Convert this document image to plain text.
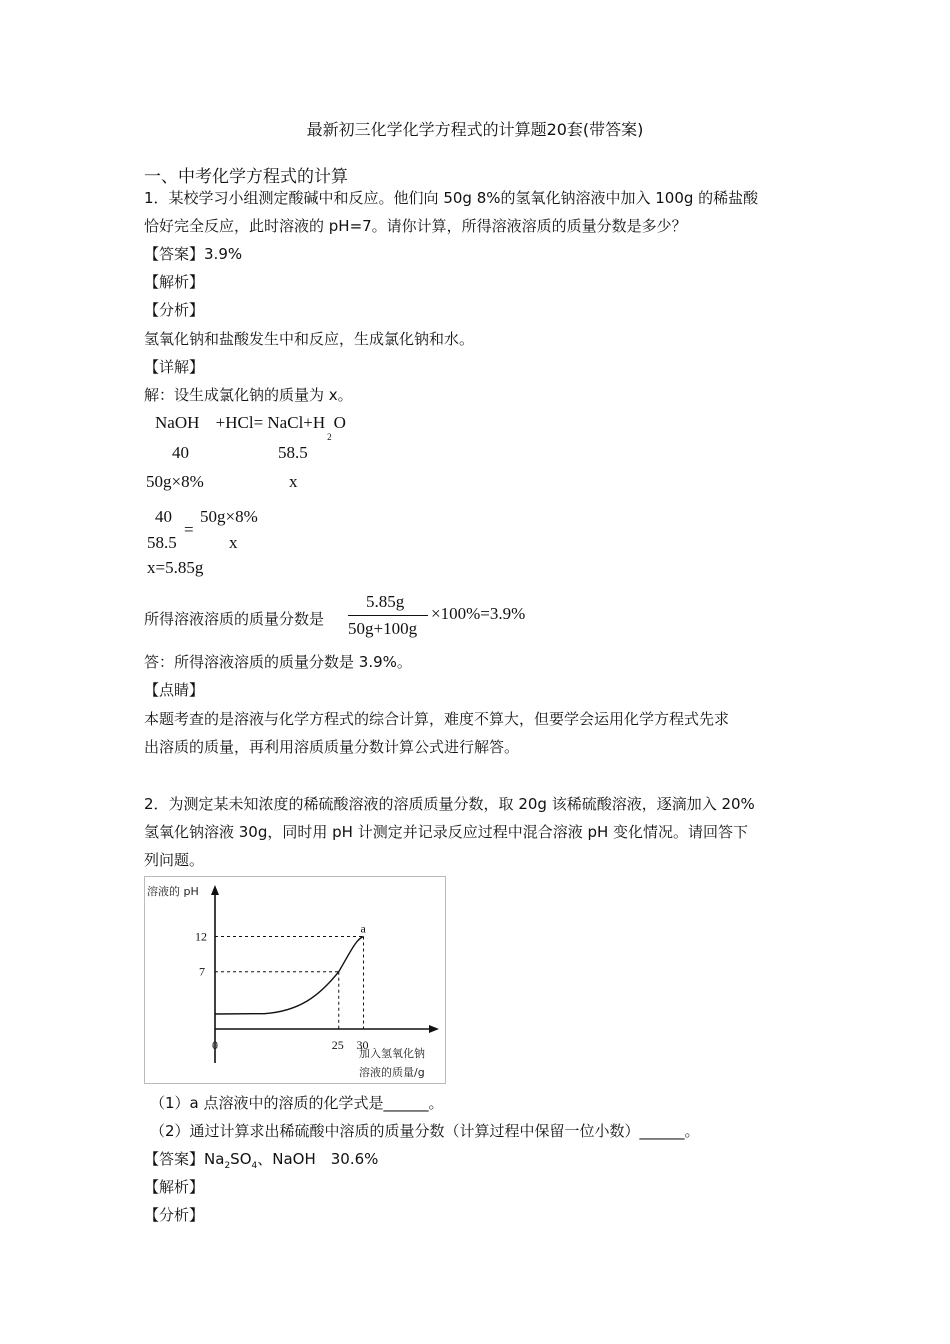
最新初三化学化学方程式的计算题20套(带答案)
一、中考化学方程式的计算
1．某校学习小组测定酸碱中和反应。他们向 50g 8%的氢氧化钠溶液中加入 100g 的稀盐酸
恰好完全反应，此时溶液的 pH=7。请你计算，所得溶液溶质的质量分数是多少？
【答案】3.9%
【解析】
【分析】
氢氧化钠和盐酸发生中和反应，生成氯化钠和水。
【详解】
解：设生成氯化钠的质量为 x。
NaOH $+HCl= NaCl+H_2O$
40	58.5
50g×8%	x
40
58.5
=
50g×8%
x
x=5.85g
所得溶液溶质的质量分数是
5.85g
50g+100g
×100%=3.9%
答：所得溶液溶质的质量分数是 3.9%。
【点睛】
本题考查的是溶液与化学方程式的综合计算，难度不算大，但要学会运用化学方程式先求
出溶质的质量，再利用溶质质量分数计算公式进行解答。
2．为测定某未知浓度的稀硫酸溶液的溶质质量分数，取 20g 该稀硫酸溶液，逐滴加入 20%
氢氧化钠溶液 30g，同时用 pH 计测定并记录反应过程中混合溶液 pH 变化情况。请回答下
列问题。
溶液的 pH
加入氢氧化钠
溶液的质量/g
0	25 30
7
12
a
（1）a 点溶液中的溶质的化学式是______。
（2）通过计算求出稀硫酸中溶质的质量分数（计算过程中保留一位小数）______。
【答案】$Na_2SO_4$、NaOH　30.6%
【解析】
【分析】
